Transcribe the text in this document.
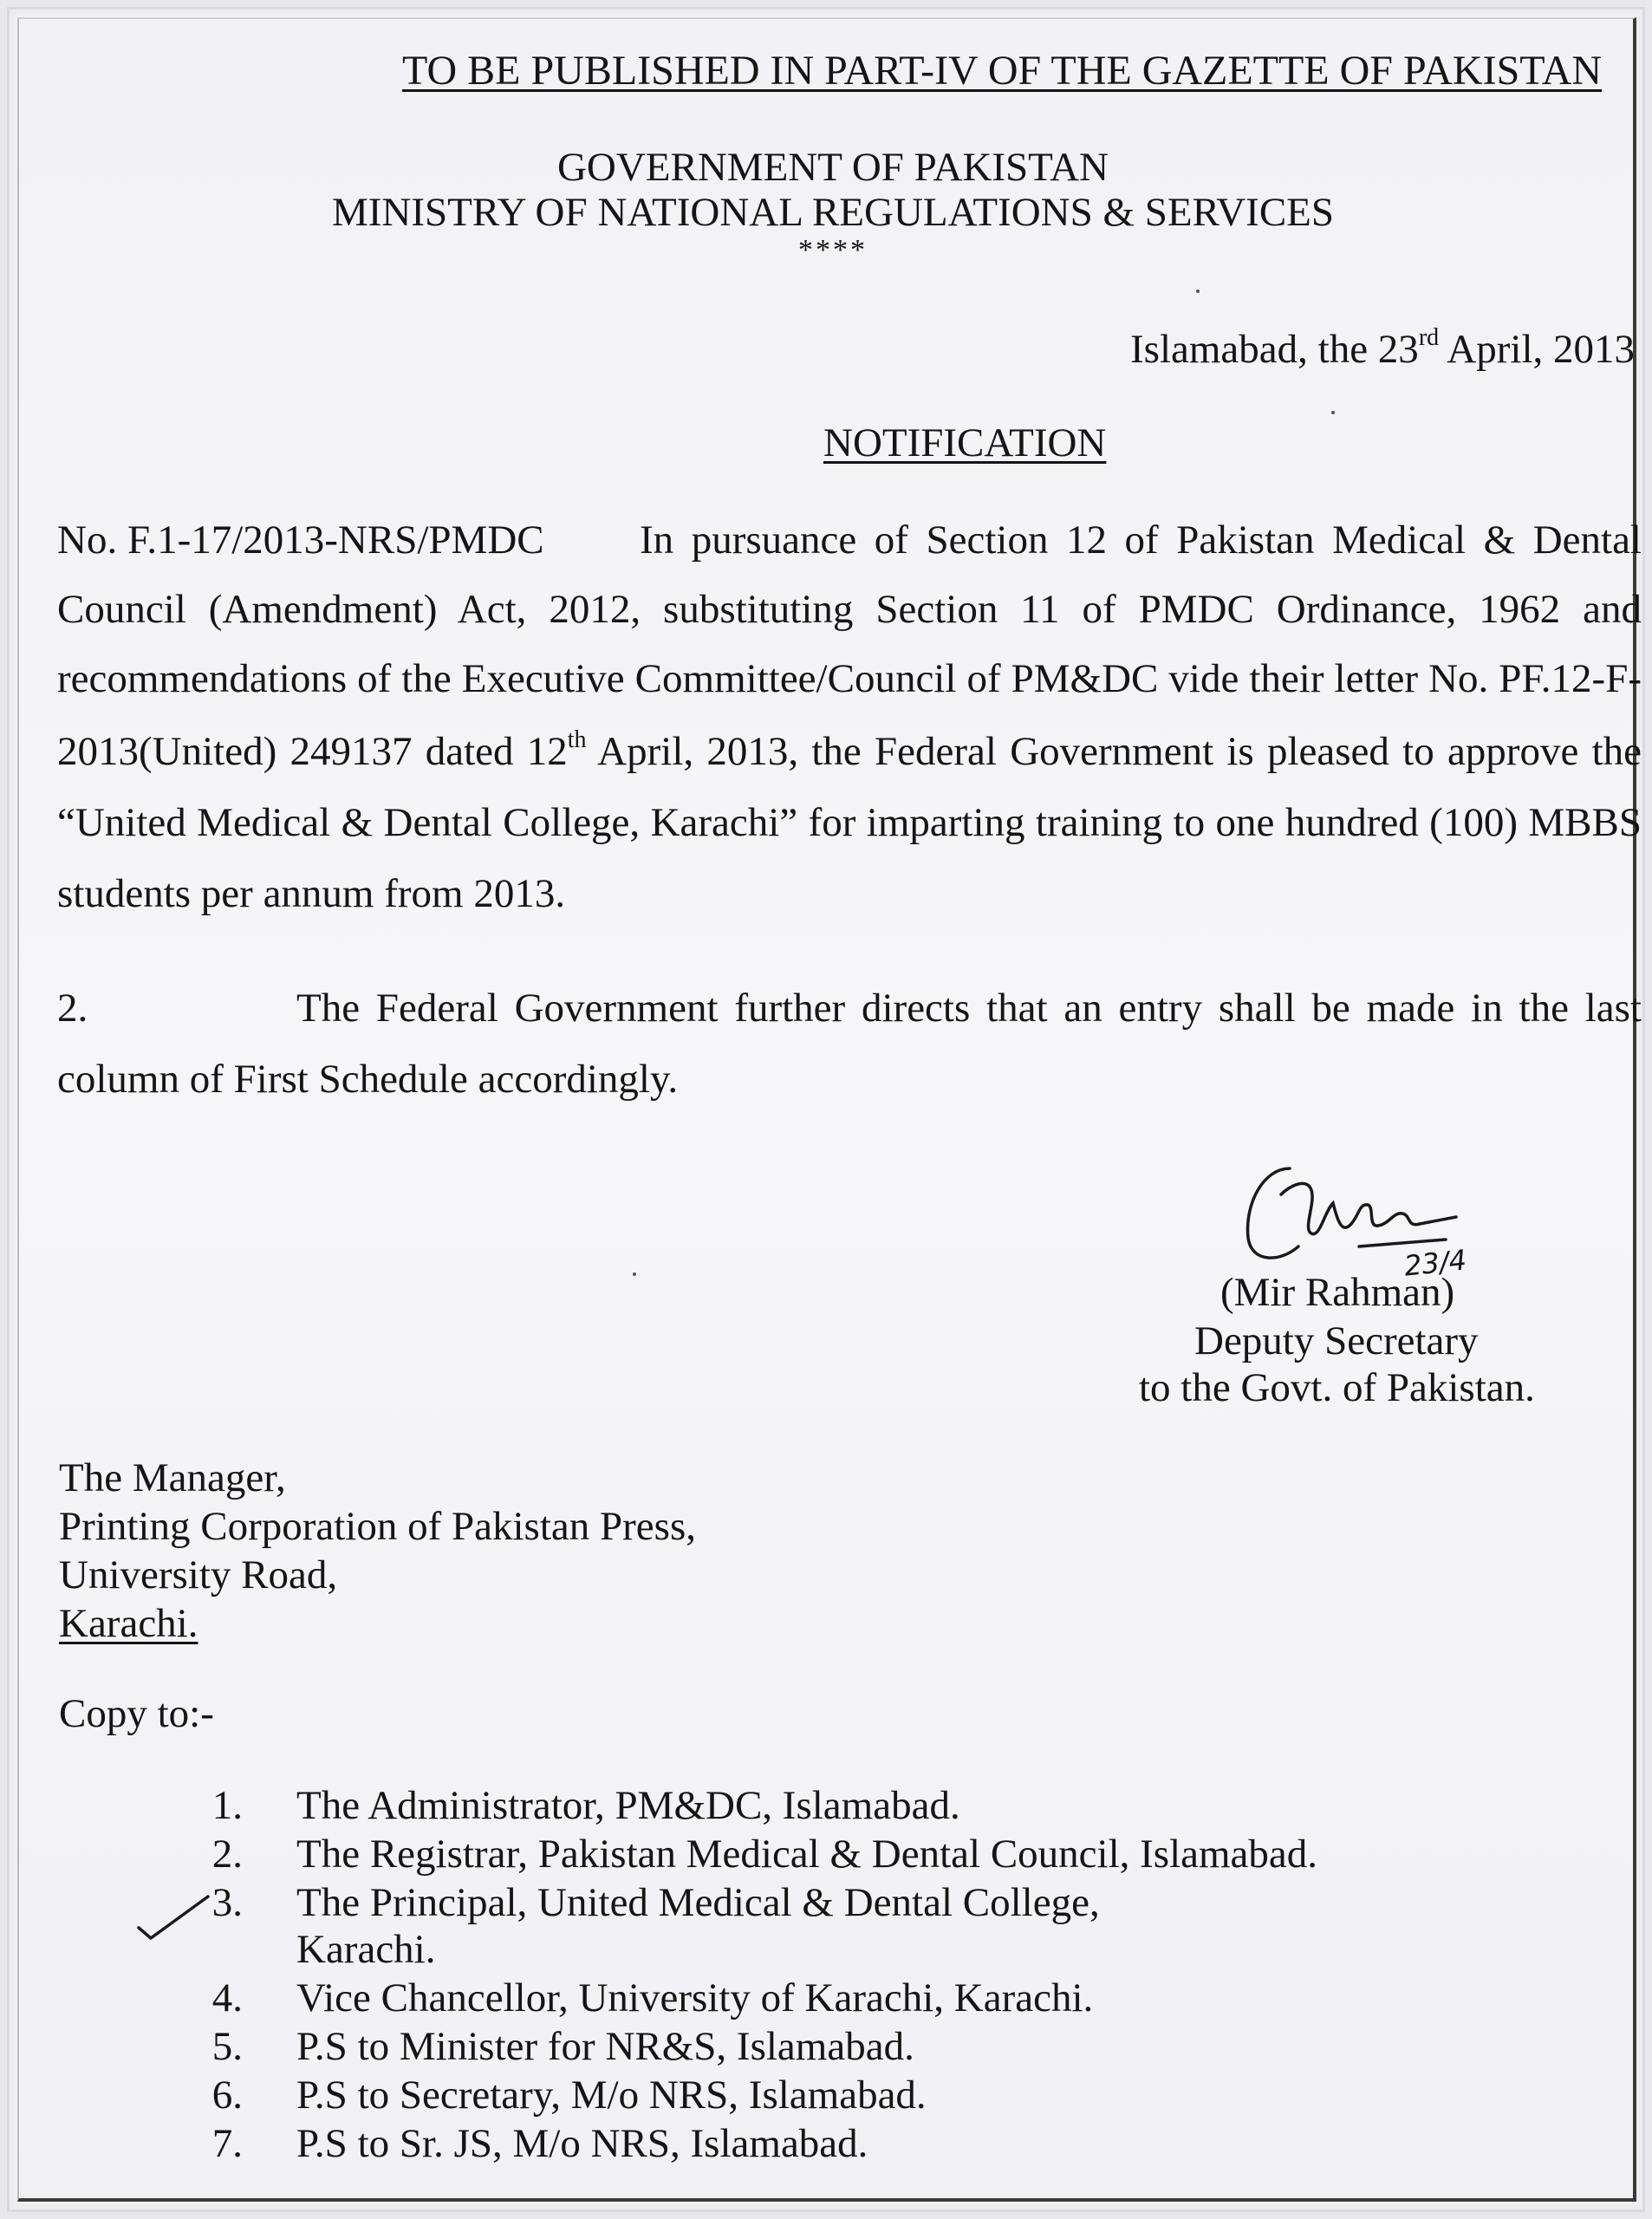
TO BE PUBLISHED IN PART-IV OF THE GAZETTE OF PAKISTAN
GOVERNMENT OF PAKISTAN
MINISTRY OF NATIONAL REGULATIONS & SERVICES
****
Islamabad, the 23rd April, 2013
NOTIFICATION
No. F.1-17/2013-NRS/PMDC In pursuance of Section 12 of Pakistan Medical & Dental
Council (Amendment) Act, 2012, substituting Section 11 of PMDC Ordinance, 1962 and
recommendations of the Executive Committee/Council of PM&DC vide their letter No. PF.12-F-
2013(United) 249137 dated 12th April, 2013, the Federal Government is pleased to approve the
“United Medical & Dental College, Karachi” for imparting training to one hundred (100) MBBS
students per annum from 2013.
2.	The Federal Government further directs that an entry shall be made in the last
column of First Schedule accordingly.
23/4
(Mir Rahman)
Deputy Secretary
to the Govt. of Pakistan.
The Manager,
Printing Corporation of Pakistan Press,
University Road,
Karachi.
Copy to:-
1. The Administrator, PM&DC, Islamabad.
2. The Registrar, Pakistan Medical & Dental Council, Islamabad.
3. The Principal, United Medical & Dental College,
Karachi.
4. Vice Chancellor, University of Karachi, Karachi.
5. P.S to Minister for NR&S, Islamabad.
6. P.S to Secretary, M/o NRS, Islamabad.
7. P.S to Sr. JS, M/o NRS, Islamabad.
